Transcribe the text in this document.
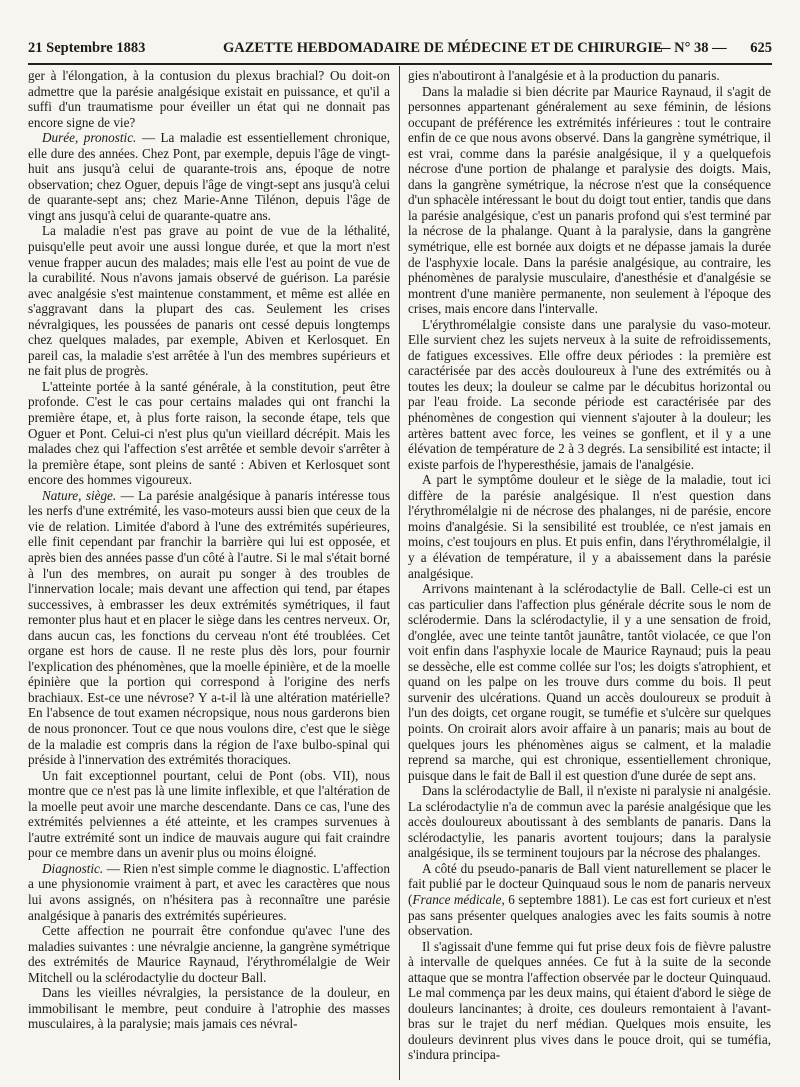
21 Septembre 1883	GAZETTE HEBDOMADAIRE DE MÉDECINE ET DE CHIRURGIE
— N° 38 — 625

ger à l'élongation, à la contusion du plexus brachial? Ou doit-on admettre que la parésie analgésique existait en puissance, et qu'il a suffi d'un traumatisme pour éveiller un état qui ne donnait pas encore signe de vie?

Durée, pronostic. — La maladie est essentiellement chronique, elle dure des années. Chez Pont, par exemple, depuis l'âge de vingt-huit ans jusqu'à celui de quarante-trois ans, époque de notre observation; chez Oguer, depuis l'âge de vingt-sept ans jusqu'à celui de quarante-sept ans; chez Marie-Anne Tilénon, depuis l'âge de vingt ans jusqu'à celui de quarante-quatre ans.

La maladie n'est pas grave au point de vue de la léthalité, puisqu'elle peut avoir une aussi longue durée, et que la mort n'est venue frapper aucun des malades; mais elle l'est au point de vue de la curabilité. Nous n'avons jamais observé de guérison. La parésie avec analgésie s'est maintenue constamment, et même est allée en s'aggravant dans la plupart des cas. Seulement les crises névralgiques, les poussées de panaris ont cessé depuis longtemps chez quelques malades, par exemple, Abiven et Kerlosquet. En pareil cas, la maladie s'est arrêtée à l'un des membres supérieurs et ne fait plus de progrès.

L'atteinte portée à la santé générale, à la constitution, peut être profonde. C'est le cas pour certains malades qui ont franchi la première étape, et, à plus forte raison, la seconde étape, tels que Oguer et Pont. Celui-ci n'est plus qu'un vieillard décrépit. Mais les malades chez qui l'affection s'est arrêtée et semble devoir s'arrêter à la première étape, sont pleins de santé : Abiven et Kerlosquet sont encore des hommes vigoureux.

Nature, siège. — La parésie analgésique à panaris intéresse tous les nerfs d'une extrémité, les vaso-moteurs aussi bien que ceux de la vie de relation. Limitée d'abord à l'une des extrémités supérieures, elle finit cependant par franchir la barrière qui lui est opposée, et après bien des années passe d'un côté à l'autre. Si le mal s'était borné à l'un des membres, on aurait pu songer à des troubles de l'innervation locale; mais devant une affection qui tend, par étapes successives, à embrasser les deux extrémités symétriques, il faut remonter plus haut et en placer le siège dans les centres nerveux. Or, dans aucun cas, les fonctions du cerveau n'ont été troublées. Cet organe est hors de cause. Il ne reste plus dès lors, pour fournir l'explication des phénomènes, que la moelle épinière, et de la moelle épinière que la portion qui correspond à l'origine des nerfs brachiaux. Est-ce une névrose? Y a-t-il là une altération matérielle? En l'absence de tout examen nécropsique, nous nous garderons bien de nous prononcer. Tout ce que nous voulons dire, c'est que le siège de la maladie est compris dans la région de l'axe bulbo-spinal qui préside à l'innervation des extrémités thoraciques.

Un fait exceptionnel pourtant, celui de Pont (obs. VII), nous montre que ce n'est pas là une limite inflexible, et que l'altération de la moelle peut avoir une marche descendante. Dans ce cas, l'une des extrémités pelviennes a été atteinte, et les crampes survenues à l'autre extrémité sont un indice de mauvais augure qui fait craindre pour ce membre dans un avenir plus ou moins éloigné.

Diagnostic. — Rien n'est simple comme le diagnostic. L'affection a une physionomie vraiment à part, et avec les caractères que nous lui avons assignés, on n'hésitera pas à reconnaître une parésie analgésique à panaris des extrémités supérieures.

Cette affection ne pourrait être confondue qu'avec l'une des maladies suivantes : une névralgie ancienne, la gangrène symétrique des extrémités de Maurice Raynaud, l'érythromélalgie de Weir Mitchell ou la sclérodactylie du docteur Ball.

Dans les vieilles névralgies, la persistance de la douleur, en immobilisant le membre, peut conduire à l'atrophie des masses musculaires, à la paralysie; mais jamais ces névral-

gies n'aboutiront à l'analgésie et à la production du panaris.

Dans la maladie si bien décrite par Maurice Raynaud, il s'agit de personnes appartenant généralement au sexe féminin, de lésions occupant de préférence les extrémités inférieures : tout le contraire enfin de ce que nous avons observé. Dans la gangrène symétrique, il est vrai, comme dans la parésie analgésique, il y a quelquefois nécrose d'une portion de phalange et paralysie des doigts. Mais, dans la gangrène symétrique, la nécrose n'est que la conséquence d'un sphacèle intéressant le bout du doigt tout entier, tandis que dans la parésie analgésique, c'est un panaris profond qui s'est terminé par la nécrose de la phalange. Quant à la paralysie, dans la gangrène symétrique, elle est bornée aux doigts et ne dépasse jamais la durée de l'asphyxie locale. Dans la parésie analgésique, au contraire, les phénomènes de paralysie musculaire, d'anesthésie et d'analgésie se montrent d'une manière permanente, non seulement à l'époque des crises, mais encore dans l'intervalle.

L'érythromélalgie consiste dans une paralysie du vaso-moteur. Elle survient chez les sujets nerveux à la suite de refroidissements, de fatigues excessives. Elle offre deux périodes : la première est caractérisée par des accès douloureux à l'une des extrémités ou à toutes les deux; la douleur se calme par le décubitus horizontal ou par l'eau froide. La seconde période est caractérisée par des phénomènes de congestion qui viennent s'ajouter à la douleur; les artères battent avec force, les veines se gonflent, et il y a une élévation de température de 2 à 3 degrés. La sensibilité est intacte; il existe parfois de l'hyperesthésie, jamais de l'analgésie.

A part le symptôme douleur et le siège de la maladie, tout ici diffère de la parésie analgésique. Il n'est question dans l'érythromélalgie ni de nécrose des phalanges, ni de parésie, encore moins d'analgésie. Si la sensibilité est troublée, ce n'est jamais en moins, c'est toujours en plus. Et puis enfin, dans l'érythromélalgie, il y a élévation de température, il y a abaissement dans la parésie analgésique.

Arrivons maintenant à la sclérodactylie de Ball. Celle-ci est un cas particulier dans l'affection plus générale décrite sous le nom de sclérodermie. Dans la sclérodactylie, il y a une sensation de froid, d'onglée, avec une teinte tantôt jaunâtre, tantôt violacée, ce que l'on voit enfin dans l'asphyxie locale de Maurice Raynaud; puis la peau se dessèche, elle est comme collée sur l'os; les doigts s'atrophient, et quand on les palpe on les trouve durs comme du bois. Il peut survenir des ulcérations. Quand un accès douloureux se produit à l'un des doigts, cet organe rougit, se tuméfie et s'ulcère sur quelques points. On croirait alors avoir affaire à un panaris; mais au bout de quelques jours les phénomènes aigus se calment, et la maladie reprend sa marche, qui est chronique, essentiellement chronique, puisque dans le fait de Ball il est question d'une durée de sept ans.

Dans la sclérodactylie de Ball, il n'existe ni paralysie ni analgésie. La sclérodactylie n'a de commun avec la parésie analgésique que les accès douloureux aboutissant à des semblants de panaris. Dans la sclérodactylie, les panaris avortent toujours; dans la paralysie analgésique, ils se terminent toujours par la nécrose des phalanges.

A côté du pseudo-panaris de Ball vient naturellement se placer le fait publié par le docteur Quinquaud sous le nom de panaris nerveux (France médicale, 6 septembre 1881). Le cas est fort curieux et n'est pas sans présenter quelques analogies avec les faits soumis à notre observation.

Il s'agissait d'une femme qui fut prise deux fois de fièvre palustre à intervalle de quelques années. Ce fut à la suite de la seconde attaque que se montra l'affection observée par le docteur Quinquaud. Le mal commença par les deux mains, qui étaient d'abord le siège de douleurs lancinantes; à droite, ces douleurs remontaient à l'avant-bras sur le trajet du nerf médian. Quelques mois ensuite, les douleurs devinrent plus vives dans le pouce droit, qui se tuméfia, s'indura principa-
